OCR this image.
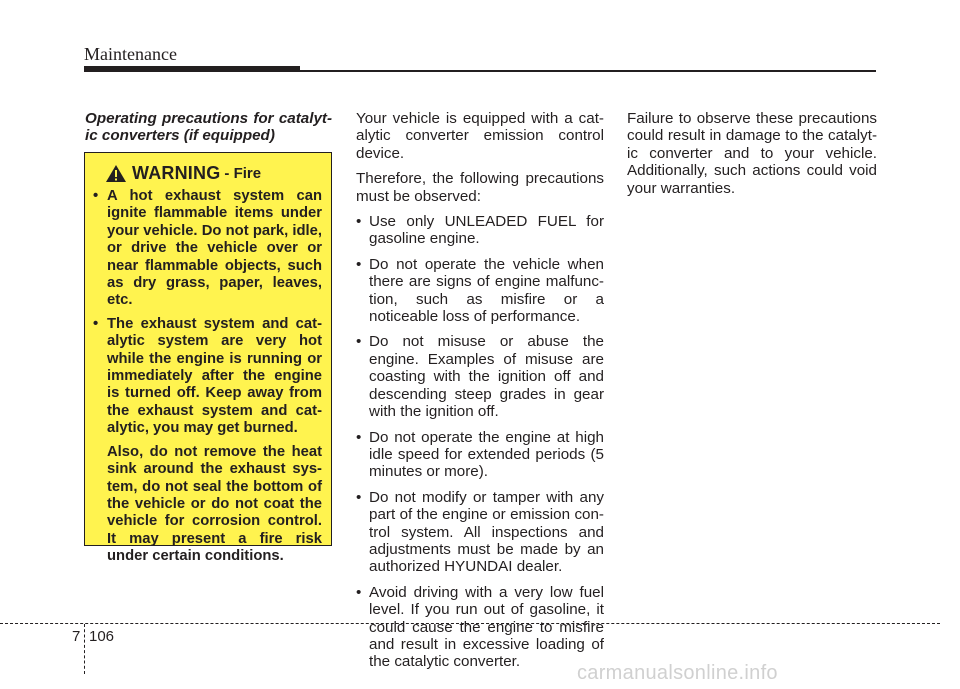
Maintenance

Operating precautions for catalyt-ic converters (if equipped)

WARNING - Fire
• A hot exhaust system can ignite flammable items under your vehicle. Do not park, idle, or drive the vehicle over or near flammable objects, such as dry grass, paper, leaves, etc.
• The exhaust system and cat-alytic system are very hot while the engine is running or immediately after the engine is turned off. Keep away from the exhaust system and cat-alytic, you may get burned.
Also, do not remove the heat sink around the exhaust sys-tem, do not seal the bottom of the vehicle or do not coat the vehicle for corrosion control. It may present a fire risk under certain conditions.

Your vehicle is equipped with a cat-alytic converter emission control device.

Therefore, the following precautions must be observed:

• Use only UNLEADED FUEL for gasoline engine.
• Do not operate the vehicle when there are signs of engine malfunc-tion, such as misfire or a noticeable loss of performance.
• Do not misuse or abuse the engine. Examples of misuse are coasting with the ignition off and descending steep grades in gear with the ignition off.
• Do not operate the engine at high idle speed for extended periods (5 minutes or more).
• Do not modify or tamper with any part of the engine or emission con-trol system. All inspections and adjustments must be made by an authorized HYUNDAI dealer.
• Avoid driving with a very low fuel level. If you run out of gasoline, it could cause the engine to misfire and result in excessive loading of the catalytic converter.

Failure to observe these precautions could result in damage to the catalyt-ic converter and to your vehicle. Additionally, such actions could void your warranties.

7 106
carmanualsonline.info
